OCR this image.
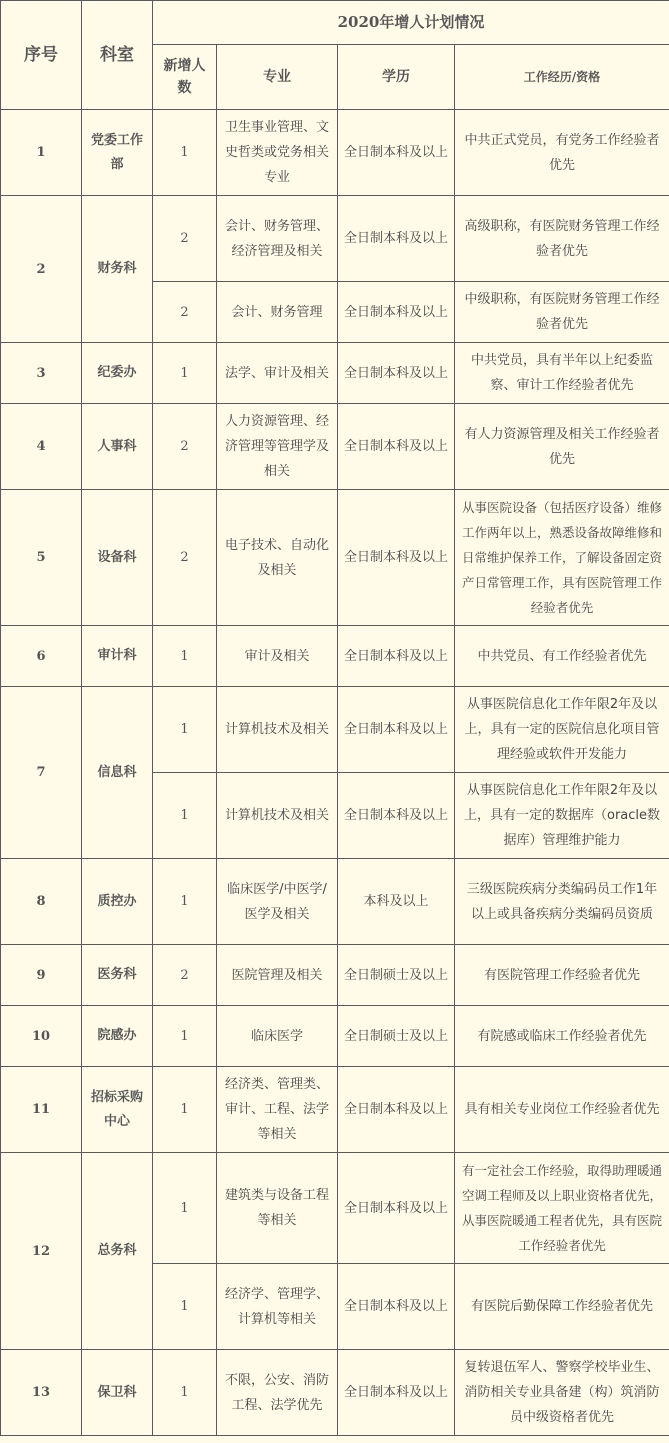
序号	科室	2020年增人计划情况			
		新增人数	专业	学历	工作经历/资格
1	党委工作部	1	卫生事业管理、文史哲类或党务相关专业	全日制本科及以上	中共正式党员，有党务工作经验者优先
2	财务科	2	会计、财务管理、经济管理及相关	全日制本科及以上	高级职称，有医院财务管理工作经验者优先
		2	会计、财务管理	全日制本科及以上	中级职称，有医院财务管理工作经验者优先
3	纪委办	1	法学、审计及相关	全日制本科及以上	中共党员，具有半年以上纪委监察、审计工作经验者优先
4	人事科	2	人力资源管理、经济管理等管理学及相关	全日制本科及以上	有人力资源管理及相关工作经验者优先
5	设备科	2	电子技术、自动化及相关	全日制本科及以上	从事医院设备（包括医疗设备）维修工作两年以上，熟悉设备故障维修和日常维护保养工作，了解设备固定资产日常管理工作，具有医院管理工作经验者优先
6	审计科	1	审计及相关	全日制本科及以上	中共党员、有工作经验者优先
7	信息科	1	计算机技术及相关	全日制本科及以上	从事医院信息化工作年限2年及以上，具有一定的医院信息化项目管理经验或软件开发能力
		1	计算机技术及相关	全日制本科及以上	从事医院信息化工作年限2年及以上，具有一定的数据库（oracle数据库）管理维护能力
8	质控办	1	临床医学/中医学/医学及相关	本科及以上	三级医院疾病分类编码员工作1年以上或具备疾病分类编码员资质
9	医务科	2	医院管理及相关	全日制硕士及以上	有医院管理工作经验者优先
10	院感办	1	临床医学	全日制硕士及以上	有院感或临床工作经验者优先
11	招标采购中心	1	经济类、管理类、审计、工程、法学等相关	全日制本科及以上	具有相关专业岗位工作经验者优先
12	总务科	1	建筑类与设备工程等相关	全日制本科及以上	有一定社会工作经验，取得助理暖通空调工程师及以上职业资格者优先，从事医院暖通工程者优先，具有医院工作经验者优先
		1	经济学、管理学、计算机等相关	全日制本科及以上	有医院后勤保障工作经验者优先
13	保卫科	1	不限，公安、消防工程、法学优先	全日制本科及以上	复转退伍军人、警察学校毕业生、消防相关专业具备建（构）筑消防员中级资格者优先
